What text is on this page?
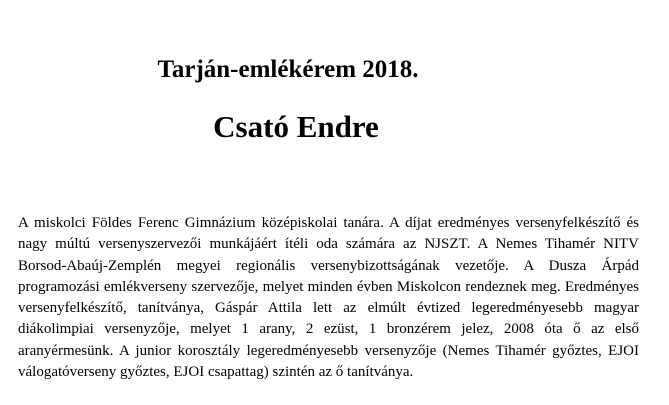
Tarján-emlékérem 2018.
Csató Endre

A miskolci Földes Ferenc Gimnázium középiskolai tanára. A díjat eredményes versenyfelkészítő és nagy múltú versenyszervezői munkájáért ítéli oda számára az NJSZT. A Nemes Tihamér NITV Borsod-Abaúj-Zemplén megyei regionális versenybizottságának vezetője. A Dusza Árpád programozási emlékverseny szervezője, melyet minden évben Miskolcon rendeznek meg. Eredményes versenyfelkészítő, tanítványa, Gáspár Attila lett az elmúlt évtized legeredményesebb magyar diákolimpiai versenyzője, melyet 1 arany, 2 ezüst, 1 bronzérem jelez, 2008 óta ő az első aranyérmesünk. A junior korosztály legeredményesebb versenyzője (Nemes Tihamér győztes, EJOI válogatóverseny győztes, EJOI csapattag) szintén az ő tanítványa.
